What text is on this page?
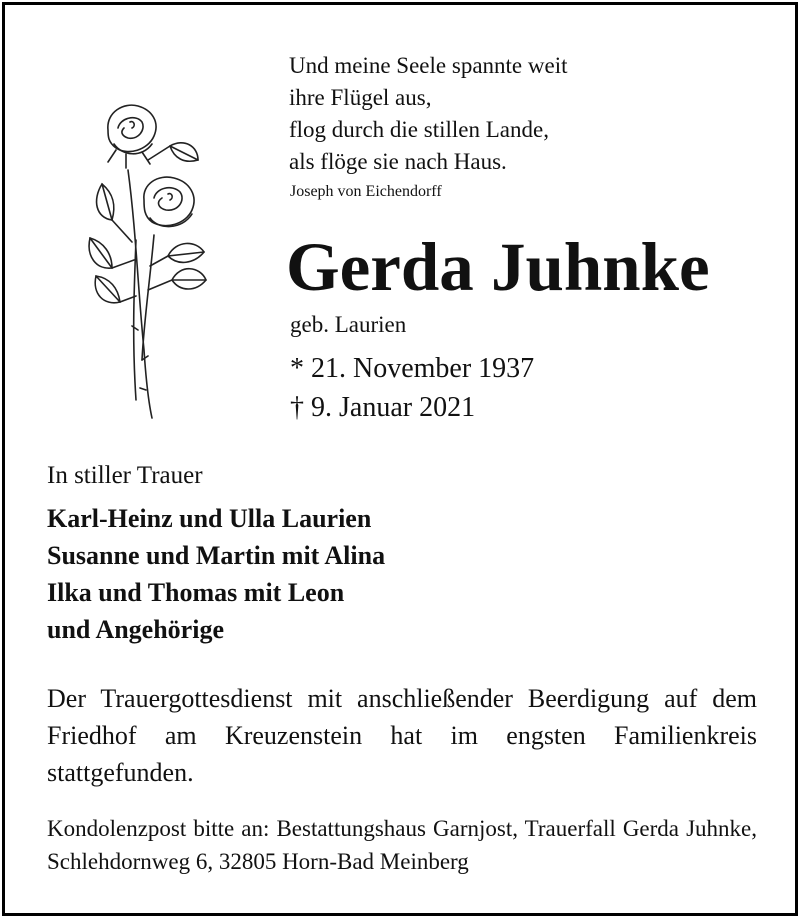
Und meine Seele spannte weit
ihre Flügel aus,
flog durch die stillen Lande,
als flöge sie nach Haus.
Joseph von Eichendorff
Gerda Juhnke
geb. Laurien
* 21. November 1937
† 9. Januar 2021
In stiller Trauer
Karl-Heinz und Ulla Laurien
Susanne und Martin mit Alina
Ilka und Thomas mit Leon
und Angehörige
Der Trauergottesdienst mit anschließender Beerdigung auf dem Friedhof am Kreuzenstein hat im engsten Familienkreis stattgefunden.
Kondolenzpost bitte an: Bestattungshaus Garnjost, Trauerfall Gerda Juhnke, Schlehdornweg 6, 32805 Horn-Bad Meinberg
